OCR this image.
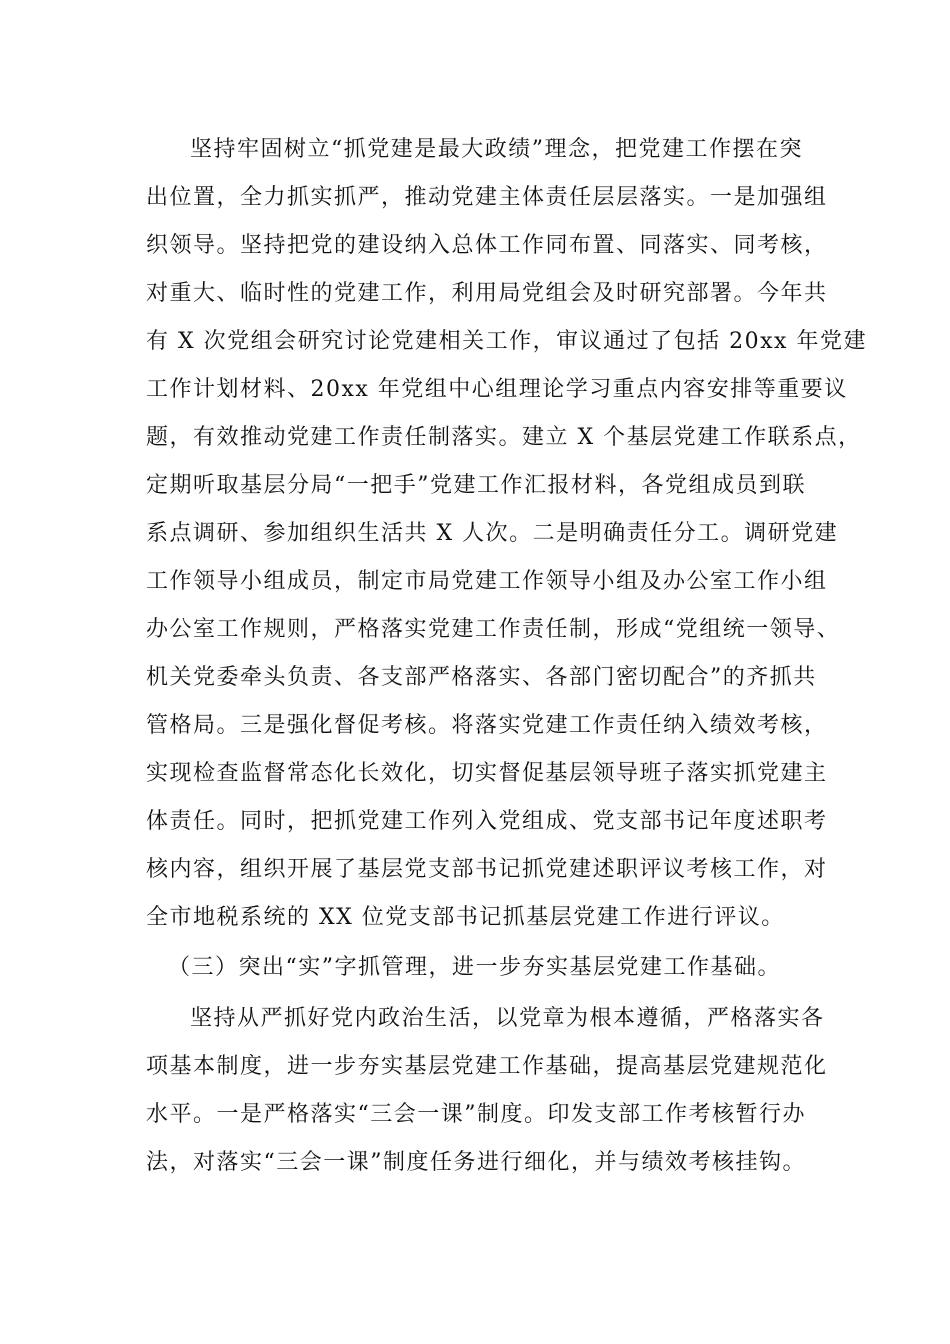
坚持牢固树立“抓党建是最大政绩”理念，把党建工作摆在突
出位置，全力抓实抓严，推动党建主体责任层层落实。一是加强组
织领导。坚持把党的建设纳入总体工作同布置、同落实、同考核，
对重大、临时性的党建工作，利用局党组会及时研究部署。今年共
有 X 次党组会研究讨论党建相关工作，审议通过了包括 20xx 年党建
工作计划材料、20xx 年党组中心组理论学习重点内容安排等重要议
题，有效推动党建工作责任制落实。建立 X 个基层党建工作联系点，
定期听取基层分局“一把手”党建工作汇报材料，各党组成员到联
系点调研、参加组织生活共 X 人次。二是明确责任分工。调研党建
工作领导小组成员，制定市局党建工作领导小组及办公室工作小组
办公室工作规则，严格落实党建工作责任制，形成“党组统一领导、
机关党委牵头负责、各支部严格落实、各部门密切配合”的齐抓共
管格局。三是强化督促考核。将落实党建工作责任纳入绩效考核，
实现检查监督常态化长效化，切实督促基层领导班子落实抓党建主
体责任。同时，把抓党建工作列入党组成、党支部书记年度述职考
核内容，组织开展了基层党支部书记抓党建述职评议考核工作，对
全市地税系统的 XX 位党支部书记抓基层党建工作进行评议。
（三）突出“实”字抓管理，进一步夯实基层党建工作基础。
坚持从严抓好党内政治生活，以党章为根本遵循，严格落实各
项基本制度，进一步夯实基层党建工作基础，提高基层党建规范化
水平。一是严格落实“三会一课”制度。印发支部工作考核暂行办
法，对落实“三会一课”制度任务进行细化，并与绩效考核挂钩。
